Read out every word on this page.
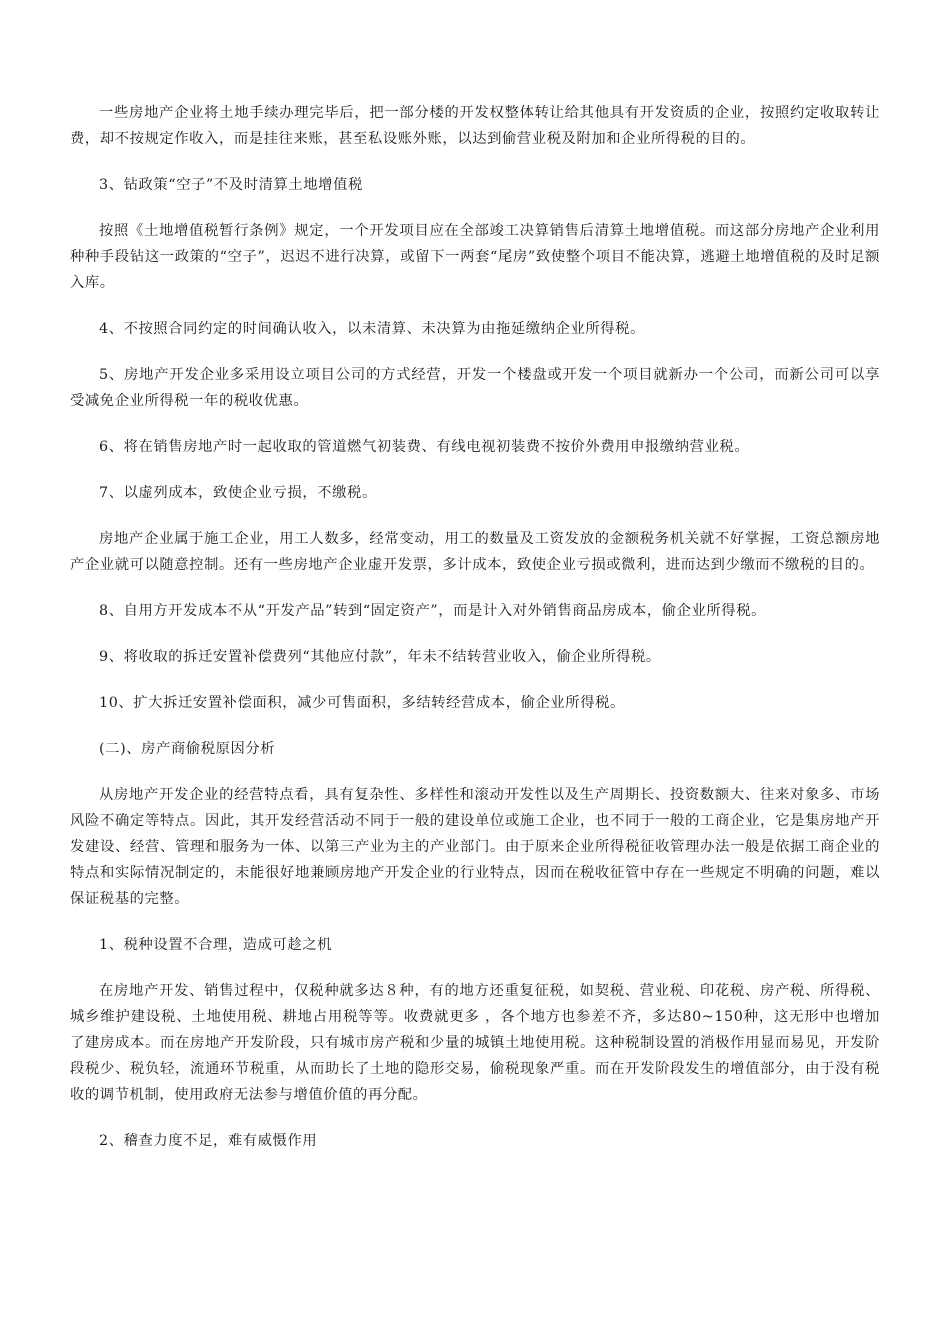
一些房地产企业将土地手续办理完毕后，把一部分楼的开发权整体转让给其他具有开发资质的企业，按照约定收取转让费，却不按规定作收入，而是挂往来账，甚至私设账外账，以达到偷营业税及附加和企业所得税的目的。

3、钻政策“空子”不及时清算土地增值税

按照《土地增值税暂行条例》规定，一个开发项目应在全部竣工决算销售后清算土地增值税。而这部分房地产企业利用种种手段钻这一政策的“空子”，迟迟不进行决算，或留下一两套“尾房”致使整个项目不能决算，逃避土地增值税的及时足额入库。

4、不按照合同约定的时间确认收入，以未清算、未决算为由拖延缴纳企业所得税。

5、房地产开发企业多采用设立项目公司的方式经营，开发一个楼盘或开发一个项目就新办一个公司，而新公司可以享受减免企业所得税一年的税收优惠。

6、将在销售房地产时一起收取的管道燃气初装费、有线电视初装费不按价外费用申报缴纳营业税。

7、以虚列成本，致使企业亏损，不缴税。

房地产企业属于施工企业，用工人数多，经常变动，用工的数量及工资发放的金额税务机关就不好掌握，工资总额房地产企业就可以随意控制。还有一些房地产企业虚开发票，多计成本，致使企业亏损或微利，进而达到少缴而不缴税的目的。

8、自用方开发成本不从“开发产品”转到“固定资产”，而是计入对外销售商品房成本，偷企业所得税。

9、将收取的拆迁安置补偿费列“其他应付款”，年未不结转营业收入，偷企业所得税。

10、扩大拆迁安置补偿面积，减少可售面积，多结转经营成本，偷企业所得税。

(二)、房产商偷税原因分析

从房地产开发企业的经营特点看，具有复杂性、多样性和滚动开发性以及生产周期长、投资数额大、往来对象多、市场风险不确定等特点。因此，其开发经营活动不同于一般的建设单位或施工企业，也不同于一般的工商企业，它是集房地产开发建设、经营、管理和服务为一体、以第三产业为主的产业部门。由于原来企业所得税征收管理办法一般是依据工商企业的特点和实际情况制定的，未能很好地兼顾房地产开发企业的行业特点，因而在税收征管中存在一些规定不明确的问题，难以保证税基的完整。

1、税种设置不合理，造成可趁之机

在房地产开发、销售过程中，仅税种就多达８种，有的地方还重复征税，如契税、营业税、印花税、房产税、所得税、城乡维护建设税、土地使用税、耕地占用税等等。收费就更多 ，各个地方也参差不齐，多达80~150种，这无形中也增加了建房成本。而在房地产开发阶段，只有城市房产税和少量的城镇土地使用税。这种税制设置的消极作用显而易见，开发阶段税少、税负轻，流通环节税重，从而助长了土地的隐形交易，偷税现象严重。而在开发阶段发生的增值部分，由于没有税收的调节机制，使用政府无法参与增值价值的再分配。

2、稽查力度不足，难有威慑作用
